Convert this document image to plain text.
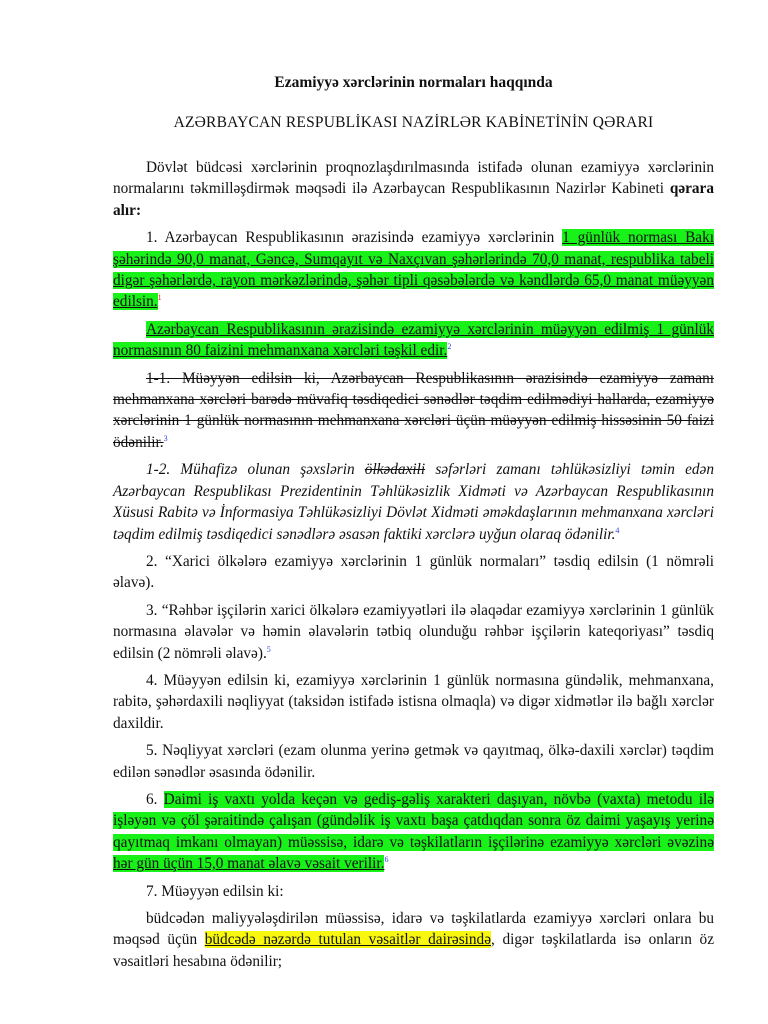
Ezamiyyə xərclərinin normaları haqqında
AZƏRBAYCAN RESPUBLİKASI NAZİRLƏR KABİNETİNİN QƏRARI

Dövlət büdcəsi xərclərinin proqnozlaşdırılmasında istifadə olunan ezamiyyə xərclərinin normalarını təkmilləşdirmək məqsədi ilə Azərbaycan Respublikasının Nazirlər Kabineti qərara alır:

1. Azərbaycan Respublikasının ərazisində ezamiyyə xərclərinin 1 günlük norması Bakı şəhərində 90,0 manat, Gəncə, Sumqayıt və Naxçıvan şəhərlərində 70,0 manat, respublika tabeli digər şəhərlərdə, rayon mərkəzlərində, şəhər tipli qəsəbələrdə və kəndlərdə 65,0 manat müəyyən edilsin.$^1$

Azərbaycan Respublikasının ərazisində ezamiyyə xərclərinin müəyyən edilmiş 1 günlük normasının 80 faizini mehmanxana xərcləri təşkil edir.$^2$

1-1. Müəyyən edilsin ki, Azərbaycan Respublikasının ərazisində ezamiyyə zamanı mehmanxana xərcləri barədə müvafiq təsdiqedici sənədlər təqdim edilmədiyi hallarda, ezamiyyə xərclərinin 1 günlük normasının mehmanxana xərcləri üçün müəyyən edilmiş hissəsinin 50 faizi ödənilir.$^3$

1-2. Mühafizə olunan şəxslərin ölkədaxili səfərləri zamanı təhlükəsizliyi təmin edən Azərbaycan Respublikası Prezidentinin Təhlükəsizlik Xidməti və Azərbaycan Respublikasının Xüsusi Rabitə və İnformasiya Təhlükəsizliyi Dövlət Xidməti əməkdaşlarının mehmanxana xərcləri təqdim edilmiş təsdiqedici sənədlərə əsasən faktiki xərclərə uyğun olaraq ödənilir.$^4$

2. “Xarici ölkələrə ezamiyyə xərclərinin 1 günlük normaları” təsdiq edilsin (1 nömrəli əlavə).

3. “Rəhbər işçilərin xarici ölkələrə ezamiyyətləri ilə əlaqədar ezamiyyə xərclərinin 1 günlük normasına əlavələr və həmin əlavələrin tətbiq olunduğu rəhbər işçilərin kateqoriyası” təsdiq edilsin (2 nömrəli əlavə).$^5$

4. Müəyyən edilsin ki, ezamiyyə xərclərinin 1 günlük normasına gündəlik, mehmanxana, rabitə, şəhərdaxili nəqliyyat (taksidən istifadə istisna olmaqla) və digər xidmətlər ilə bağlı xərclər daxildir.

5. Nəqliyyat xərcləri (ezam olunma yerinə getmək və qayıtmaq, ölkə-daxili xərclər) təqdim edilən sənədlər əsasında ödənilir.

6. Daimi iş vaxtı yolda keçən və gediş-gəliş xarakteri daşıyan, növbə (vaxta) metodu ilə işləyən və çöl şəraitində çalışan (gündəlik iş vaxtı başa çatdıqdan sonra öz daimi yaşayış yerinə qayıtmaq imkanı olmayan) müəssisə, idarə və təşkilatların işçilərinə ezamiyyə xərcləri əvəzinə hər gün üçün 15,0 manat əlavə vəsait verilir.$^6$

7. Müəyyən edilsin ki:

büdcədən maliyyələşdirilən müəssisə, idarə və təşkilatlarda ezamiyyə xərcləri onlara bu məqsəd üçün büdcədə nəzərdə tutulan vəsaitlər dairəsində, digər təşkilatlarda isə onların öz vəsaitləri hesabına ödənilir;
